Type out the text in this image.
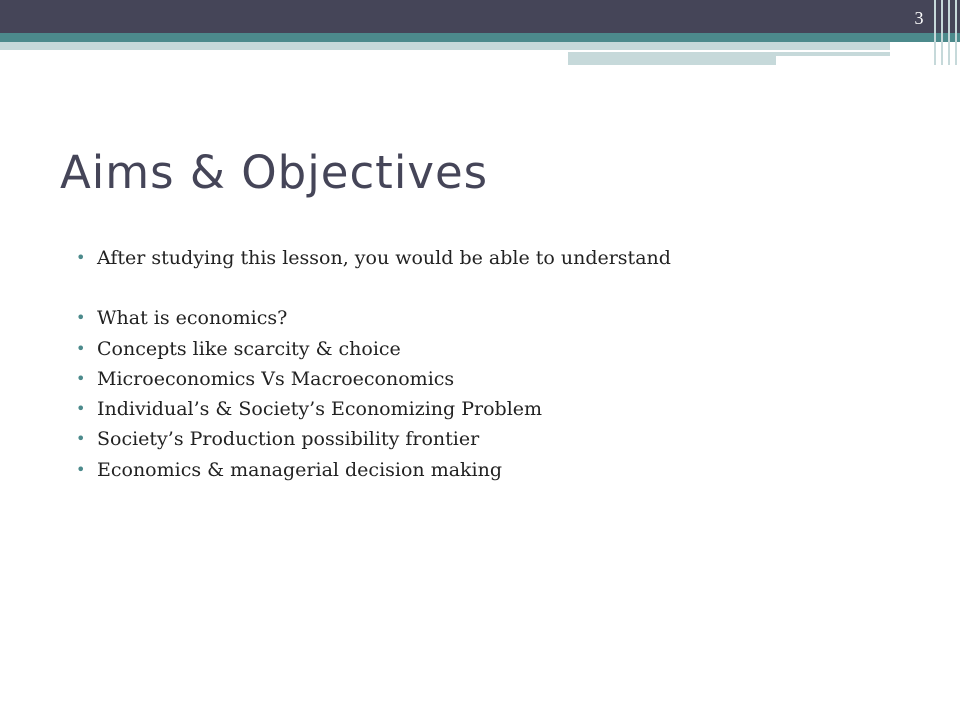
3
Aims & Objectives
• After studying this lesson, you would be able to understand
• What is economics?
• Concepts like scarcity & choice
• Microeconomics Vs Macroeconomics
• Individual’s & Society’s Economizing Problem
• Society’s Production possibility frontier
• Economics & managerial decision making
